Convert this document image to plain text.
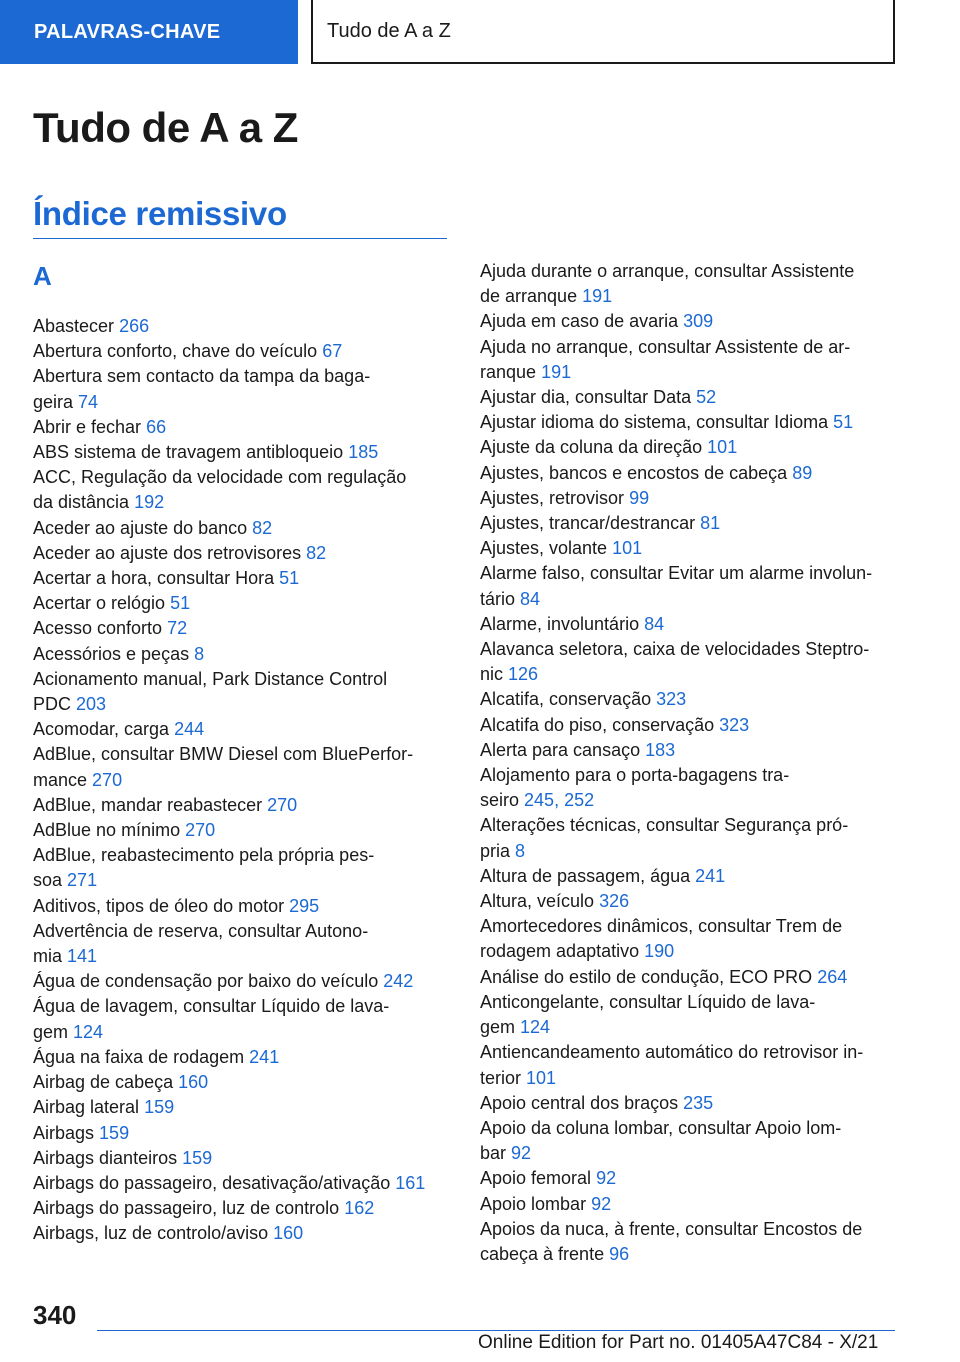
PALAVRAS-CHAVE	Tudo de A a Z
Tudo de A a Z
Índice remissivo
A
Abastecer 266
Abertura conforto, chave do veículo 67
Abertura sem contacto da tampa da baga-
geira 74
Abrir e fechar 66
ABS sistema de travagem antibloqueio 185
ACC, Regulação da velocidade com regulação
da distância 192
Aceder ao ajuste do banco 82
Aceder ao ajuste dos retrovisores 82
Acertar a hora, consultar Hora 51
Acertar o relógio 51
Acesso conforto 72
Acessórios e peças 8
Acionamento manual, Park Distance Control
PDC 203
Acomodar, carga 244
AdBlue, consultar BMW Diesel com BluePerfor-
mance 270
AdBlue, mandar reabastecer 270
AdBlue no mínimo 270
AdBlue, reabastecimento pela própria pes-
soa 271
Aditivos, tipos de óleo do motor 295
Advertência de reserva, consultar Autono-
mia 141
Água de condensação por baixo do veículo 242
Água de lavagem, consultar Líquido de lava-
gem 124
Água na faixa de rodagem 241
Airbag de cabeça 160
Airbag lateral 159
Airbags 159
Airbags dianteiros 159
Airbags do passageiro, desativação/ativação 161
Airbags do passageiro, luz de controlo 162
Airbags, luz de controlo/aviso 160
Ajuda durante o arranque, consultar Assistente
de arranque 191
Ajuda em caso de avaria 309
Ajuda no arranque, consultar Assistente de ar-
ranque 191
Ajustar dia, consultar Data 52
Ajustar idioma do sistema, consultar Idioma 51
Ajuste da coluna da direção 101
Ajustes, bancos e encostos de cabeça 89
Ajustes, retrovisor 99
Ajustes, trancar/destrancar 81
Ajustes, volante 101
Alarme falso, consultar Evitar um alarme involun-
tário 84
Alarme, involuntário 84
Alavanca seletora, caixa de velocidades Steptro-
nic 126
Alcatifa, conservação 323
Alcatifa do piso, conservação 323
Alerta para cansaço 183
Alojamento para o porta-bagagens tra-
seiro 245, 252
Alterações técnicas, consultar Segurança pró-
pria 8
Altura de passagem, água 241
Altura, veículo 326
Amortecedores dinâmicos, consultar Trem de
rodagem adaptativo 190
Análise do estilo de condução, ECO PRO 264
Anticongelante, consultar Líquido de lava-
gem 124
Antiencandeamento automático do retrovisor in-
terior 101
Apoio central dos braços 235
Apoio da coluna lombar, consultar Apoio lom-
bar 92
Apoio femoral 92
Apoio lombar 92
Apoios da nuca, à frente, consultar Encostos de
cabeça à frente 96
340
Online Edition for Part no. 01405A47C84 - X/21
